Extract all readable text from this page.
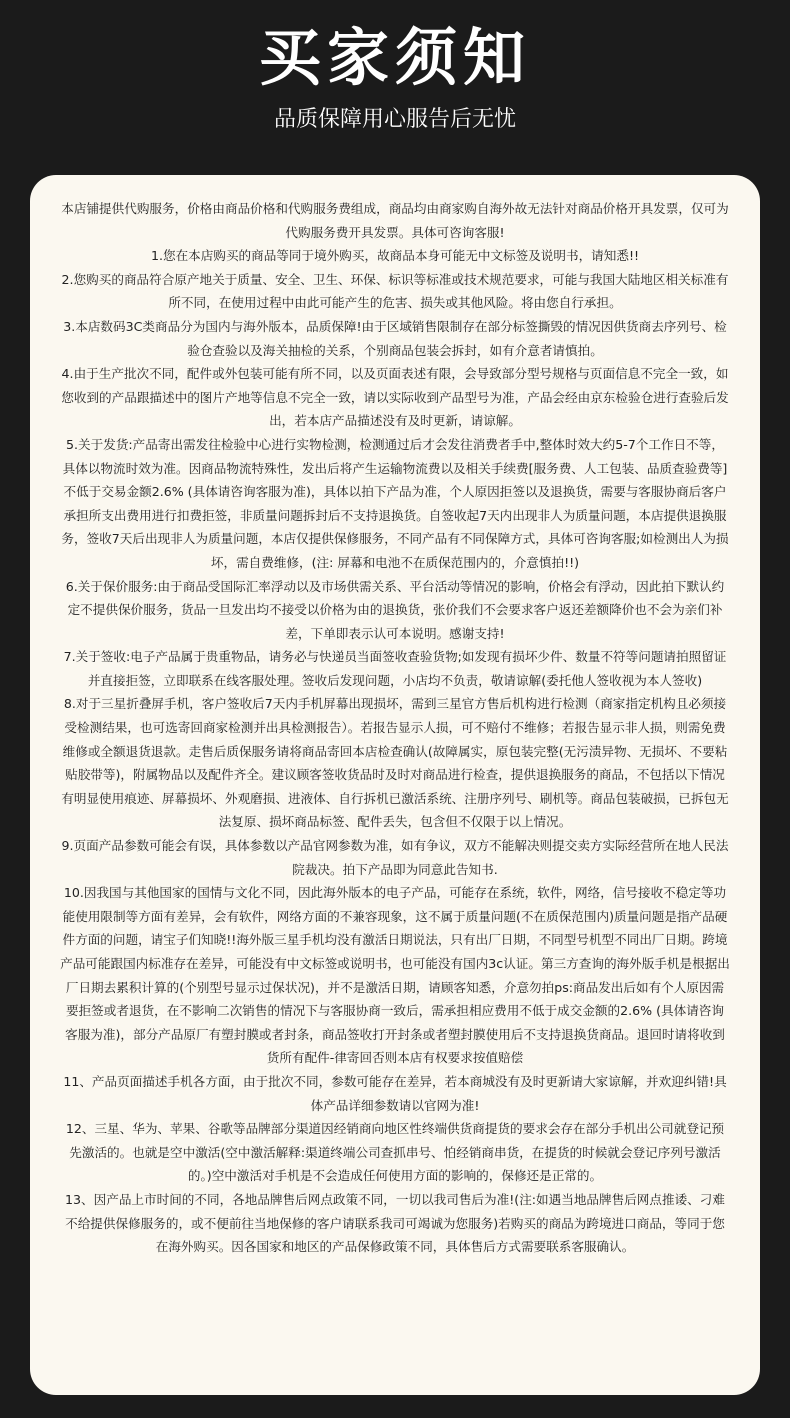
买家须知

品质保障用心服告后无忧

本店铺提供代购服务，价格由商品价格和代购服务费组成，商品均由商家购自海外故无法针对商品价格开具发票，仅可为代购服务费开具发票。具体可咨询客服!

1.您在本店购买的商品等同于境外购买，故商品本身可能无中文标签及说明书，请知悉!!

2.您购买的商品符合原产地关于质量、安全、卫生、环保、标识等标准或技术规范要求，可能与我国大陆地区相关标准有所不同，在使用过程中由此可能产生的危害、损失或其他风险。将由您自行承担。

3.本店数码3C类商品分为国内与海外版本，品质保障!由于区域销售限制存在部分标签撕毁的情况因供货商去序列号、检验仓查验以及海关抽检的关系，个别商品包装会拆封，如有介意者请慎拍。

4.由于生产批次不同，配件或外包装可能有所不同，以及页面表述有限，会导致部分型号规格与页面信息不完全一致，如您收到的产品跟描述中的图片产地等信息不完全一致，请以实际收到产品型号为准，产品会经由京东检验仓进行查验后发出，若本店产品描述没有及时更新，请谅解。

5.关于发货:产品寄出需发往检验中心进行实物检测，检测通过后才会发往消费者手中,整体时效大约5-7个工作日不等，具体以物流时效为准。因商品物流特殊性，发出后将产生运输物流费以及相关手续费[服务费、人工包装、品质查验费等]不低于交易金额2.6% (具体请咨询客服为准)，具体以拍下产品为准，个人原因拒签以及退换货，需要与客服协商后客户承担所支出费用进行扣费拒签，非质量问题拆封后不支持退换货。自签收起7天内出现非人为质量问题，本店提供退换服务，签收7天后出现非人为质量问题，本店仅提供保修服务，不同产品有不同保障方式，具体可咨询客服;如检测出人为损坏，需自费维修，(注: 屏幕和电池不在质保范围内的，介意慎拍!!)

6.关于保价服务:由于商品受国际汇率浮动以及市场供需关系、平台活动等情况的影响，价格会有浮动，因此拍下默认约定不提供保价服务，货品一旦发出均不接受以价格为由的退换货，张价我们不会要求客户返还差额降价也不会为亲们补差，下单即表示认可本说明。感谢支持!

7.关于签收:电子产品属于贵重物品，请务必与快递员当面签收查验货物;如发现有损坏少件、数量不符等问题请拍照留证并直接拒签，立即联系在线客服处理。签收后发现问题，小店均不负责，敬请谅解(委托他人签收视为本人签收)

8.对于三星折叠屏手机，客户签收后7天内手机屏幕出现损坏，需到三星官方售后机构进行检测（商家指定机构且必须接受检测结果，也可选寄回商家检测并出具检测报告）。若报告显示人损，可不赔付不维修；若报告显示非人损，则需免费维修或全额退货退款。走售后质保服务请将商品寄回本店检查确认(故障属实，原包装完整(无污渍异物、无损坏、不要粘贴胶带等)，附属物品以及配件齐全。建议顾客签收货品时及时对商品进行检查，提供退换服务的商品，不包括以下情况有明显使用痕迹、屏幕损坏、外观磨损、进液体、自行拆机已激活系统、注册序列号、刷机等。商品包装破损，已拆包无法复原、损坏商品标签、配件丢失，包含但不仅限于以上情况。

9.页面产品参数可能会有误，具体参数以产品官网参数为准，如有争议，双方不能解决则提交卖方实际经营所在地人民法院裁决。拍下产品即为同意此告知书.

10.因我国与其他国家的国情与文化不同，因此海外版本的电子产品，可能存在系统，软件，网络，信号接收不稳定等功能使用限制等方面有差异，会有软件，网络方面的不兼容现象，这不属于质量问题(不在质保范围内)质量问题是指产品硬件方面的问题，请宝子们知晓!!海外版三星手机均没有激活日期说法，只有出厂日期，不同型号机型不同出厂日期。跨境产品可能跟国内标准存在差异，可能没有中文标签或说明书，也可能没有国内3c认证。第三方查询的海外版手机是根据出厂日期去累积计算的(个别型号显示过保状况)，并不是激活日期，请顾客知悉，介意勿拍ps:商品发出后如有个人原因需要拒签或者退货，在不影响二次销售的情况下与客服协商一致后，需承担相应费用不低于成交金额的2.6% (具体请咨询客服为准)，部分产品原厂有塑封膜或者封条，商品签收打开封条或者塑封膜使用后不支持退换货商品。退回时请将收到货所有配件-律寄回否则本店有权要求按值赔偿

11、产品页面描述手机各方面，由于批次不同，参数可能存在差异，若本商城没有及时更新请大家谅解，并欢迎纠错!具体产品详细参数请以官网为准!

12、三星、华为、苹果、谷歌等品牌部分渠道因经销商向地区性终端供货商提货的要求会存在部分手机出公司就登记预先激活的。也就是空中激活(空中激活解释:渠道终端公司查抓串号、怕经销商串货，在提货的时候就会登记序列号激活的。)空中激活对手机是不会造成任何使用方面的影响的，保修还是正常的。

13、因产品上市时间的不同，各地品牌售后网点政策不同，一切以我司售后为准!(注:如遇当地品牌售后网点推诿、刁难不给提供保修服务的，或不便前往当地保修的客户请联系我司可竭诚为您服务)若购买的商品为跨境进口商品，等同于您在海外购买。因各国家和地区的产品保修政策不同，具体售后方式需要联系客服确认。
